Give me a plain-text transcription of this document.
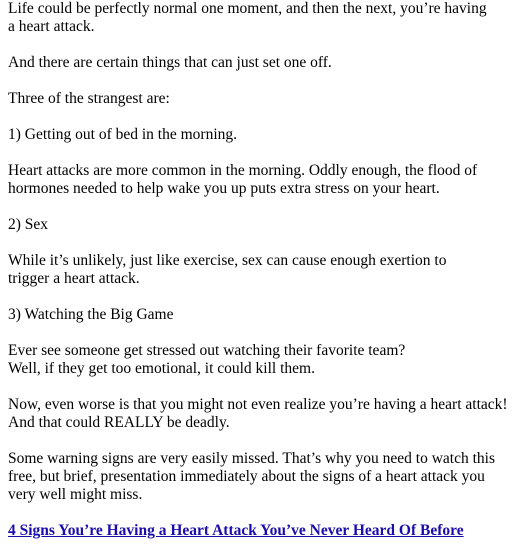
Life could be perfectly normal one moment, and then the next, you’re having
a heart attack.

And there are certain things that can just set one off.

Three of the strangest are:

1) Getting out of bed in the morning.

Heart attacks are more common in the morning. Oddly enough, the flood of
hormones needed to help wake you up puts extra stress on your heart.

2) Sex

While it’s unlikely, just like exercise, sex can cause enough exertion to
trigger a heart attack.

3) Watching the Big Game

Ever see someone get stressed out watching their favorite team?
Well, if they get too emotional, it could kill them.

Now, even worse is that you might not even realize you’re having a heart attack!
And that could REALLY be deadly.

Some warning signs are very easily missed. That’s why you need to watch this
free, but brief, presentation immediately about the signs of a heart attack you
very well might miss.

4 Signs You’re Having a Heart Attack You’ve Never Heard Of Before
